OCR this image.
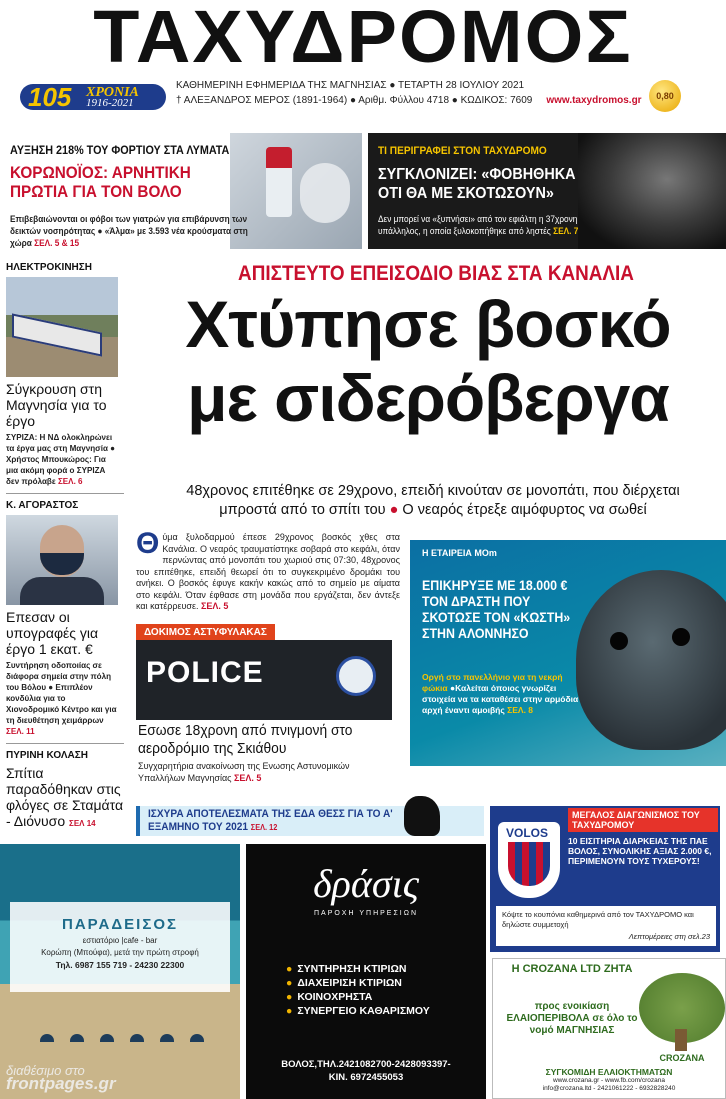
ΤΑΧΥΔΡΟΜΟΣ
105 ΧΡΟΝΙΑ
1916-2021
ΚΑΘΗΜΕΡΙΝΗ ΕΦΗΜΕΡΙΔΑ ΤΗΣ ΜΑΓΝΗΣΙΑΣ ● ΤΕΤΑΡΤΗ 28 ΙΟΥΛΙΟΥ 2021
† ΑΛΕΞΑΝΔΡΟΣ ΜΕΡΟΣ (1891-1964) ● Αριθμ. Φύλλου 4718 ● ΚΩΔΙΚΟΣ: 7609 www.taxydromos.gr	0,80
ΑΥΞΗΣΗ 218% ΤΟΥ ΦΟΡΤΙΟΥ ΣΤΑ ΛΥΜΑΤΑ
ΚΟΡΩΝΟΪΟΣ: ΑΡΝΗΤΙΚΗ ΠΡΩΤΙΑ ΓΙΑ ΤΟΝ ΒΟΛΟ
Επιβεβαιώνονται οι φόβοι των γιατρών για επιβάρυνση των δεικτών νοσηρότητας ● «Άλμα» με 3.593 νέα κρούσματα στη χώρα ΣΕΛ. 5 & 15
ΤΙ ΠΕΡΙΓΡΑΦΕΙ ΣΤΟΝ ΤΑΧΥΔΡΟΜΟ
ΣΥΓΚΛΟΝΙΖΕΙ: «ΦΟΒΗΘΗΚΑ ΟΤΙ ΘΑ ΜΕ ΣΚΟΤΩΣΟΥΝ»
Δεν μπορεί να «ξυπνήσει» από τον εφιάλτη η 37χρονη υπάλληλος, η οποία ξυλοκοπήθηκε από ληστές ΣΕΛ. 7
ΗΛΕΚΤΡΟΚΙΝΗΣΗ
Σύγκρουση στη Μαγνησία για το έργο
ΣΥΡΙΖΑ: Η ΝΔ ολοκληρώνει τα έργα μας στη Μαγνησία ● Χρήστος Μπουκώρος: Για μια ακόμη φορά ο ΣΥΡΙΖΑ δεν πρόλαβε ΣΕΛ. 6
Κ. ΑΓΟΡΑΣΤΟΣ
Επεσαν οι υπογραφές για έργο 1 εκατ. €
Συντήρηση οδοποιίας σε διάφορα σημεία στην πόλη του Βόλου ● Επιπλέον κονδύλια για το Χιονοδρομικό Κέντρο και για τη διευθέτηση χειμάρρων ΣΕΛ. 11
ΠΥΡΙΝΗ ΚΟΛΑΣΗ
Σπίτια παραδόθηκαν στις φλόγες σε Σταμάτα - Διόνυσο ΣΕΛ 14
ΑΠΙΣΤΕΥΤΟ ΕΠΕΙΣΟΔΙΟ ΒΙΑΣ ΣΤΑ ΚΑΝΑΛΙΑ
Χτύπησε βοσκό
με σιδερόβεργα
48χρονος επιτέθηκε σε 29χρονο, επειδή κινούταν σε μονοπάτι, που διέρχεται
μπροστά από το σπίτι του ● Ο νεαρός έτρεξε αιμόφυρτος να σωθεί
Θύμα ξυλοδαρμού έπεσε 29χρονος βοσκός χθες στα Κανάλια. Ο νεαρός τραυματίστηκε σοβαρά στο κεφάλι, όταν περνώντας από μονοπάτι του χωριού στις 07:30, 48χρονος του επιτέθηκε, επειδή θεωρεί ότι το συγκεκριμένο δρομάκι του ανήκει. Ο βοσκός έφυγε κακήν κακώς από το σημείο με αίματα στο κεφάλι. Όταν έφθασε στη μονάδα που εργάζεται, δεν άντεξε και κατέρρευσε. ΣΕΛ. 5
ΔΟΚΙΜΟΣ ΑΣΤΥΦΥΛΑΚΑΣ
POLICE
Εσωσε 18χρονη από πνιγμονή στο αεροδρόμιο της Σκιάθου
Συγχαρητήρια ανακοίνωση της Ενωσης Αστυνομικών Υπαλλήλων Μαγνησίας ΣΕΛ. 5
Η ΕΤΑΙΡΕΙΑ ΜΟm
ΕΠΙΚΗΡΥΞΕ ΜΕ 18.000 € ΤΟΝ ΔΡΑΣΤΗ ΠΟΥ ΣΚΟΤΩΣΕ ΤΟΝ «ΚΩΣΤΗ» ΣΤΗΝ ΑΛΟΝΝΗΣΟ
Οργή στο πανελλήνιο για τη νεκρή φώκια ●Καλείται όποιος γνωρίζει στοιχεία να τα καταθέσει στην αρμόδια αρχή έναντι αμοιβής ΣΕΛ. 8
ΙΣΧΥΡΑ ΑΠΟΤΕΛΕΣΜΑΤΑ ΤΗΣ ΕΔΑ ΘΕΣΣ ΓΙΑ ΤΟ Α' ΕΞΑΜΗΝΟ ΤΟΥ 2021 ΣΕΛ. 12	VOLOS
ΜΕΓΑΛΟΣ ΔΙΑΓΩΝΙΣΜΟΣ ΤΟΥ ΤΑΧΥΔΡΟΜΟΥ
10 ΕΙΣΙΤΗΡΙΑ ΔΙΑΡΚΕΙΑΣ ΤΗΣ ΠΑΕ ΒΟΛΟΣ, ΣΥΝΟΛΙΚΗΣ ΑΞΙΑΣ 2.000 €, ΠΕΡΙΜΕΝΟΥΝ ΤΟΥΣ ΤΥΧΕΡΟΥΣ!
Κόψτε το κουπόνια καθημερινά από τον ΤΑΧΥΔΡΟΜΟ και δηλώστε συμμετοχή
Λεπτομέρειες στη σελ.23
ΠΑΡΑΔΕΙΣΟΣ
εστιατόριο |cafe - bar
Κορώπη (Μπούφα), μετά την πρώτη στροφή
Τηλ. 6987 155 719 - 24230 22300
διαθέσιμο στο
frontpages.gr
δράσις
ΠΑΡΟΧΗ ΥΠΗΡΕΣΙΩΝ
● ΣΥΝΤΗΡΗΣΗ ΚΤΙΡΙΩΝ
● ΔΙΑΧΕΙΡΙΣΗ ΚΤΙΡΙΩΝ
● ΚΟΙΝΟΧΡΗΣΤΑ
● ΣΥΝΕΡΓΕΙΟ ΚΑΘΑΡΙΣΜΟΥ
ΒΟΛΟΣ,ΤΗΛ.2421082700-2428093397-
ΚΙΝ. 6972455053
Η CROZANA LTD ΖΗΤΑ
προς ενοικίαση ΕΛΑΙΟΠΕΡΙΒΟΛΑ σε όλο το νομό ΜΑΓΝΗΣΙΑΣ
CROZANA
ΣΥΓΚΟΜΙΔΗ ΕΛΑΙΟΚΤΗΜΑΤΩΝ
www.crozana.gr - www.fb.com/crozana
info@crozana.ltd - 2421061222 - 6932828240
